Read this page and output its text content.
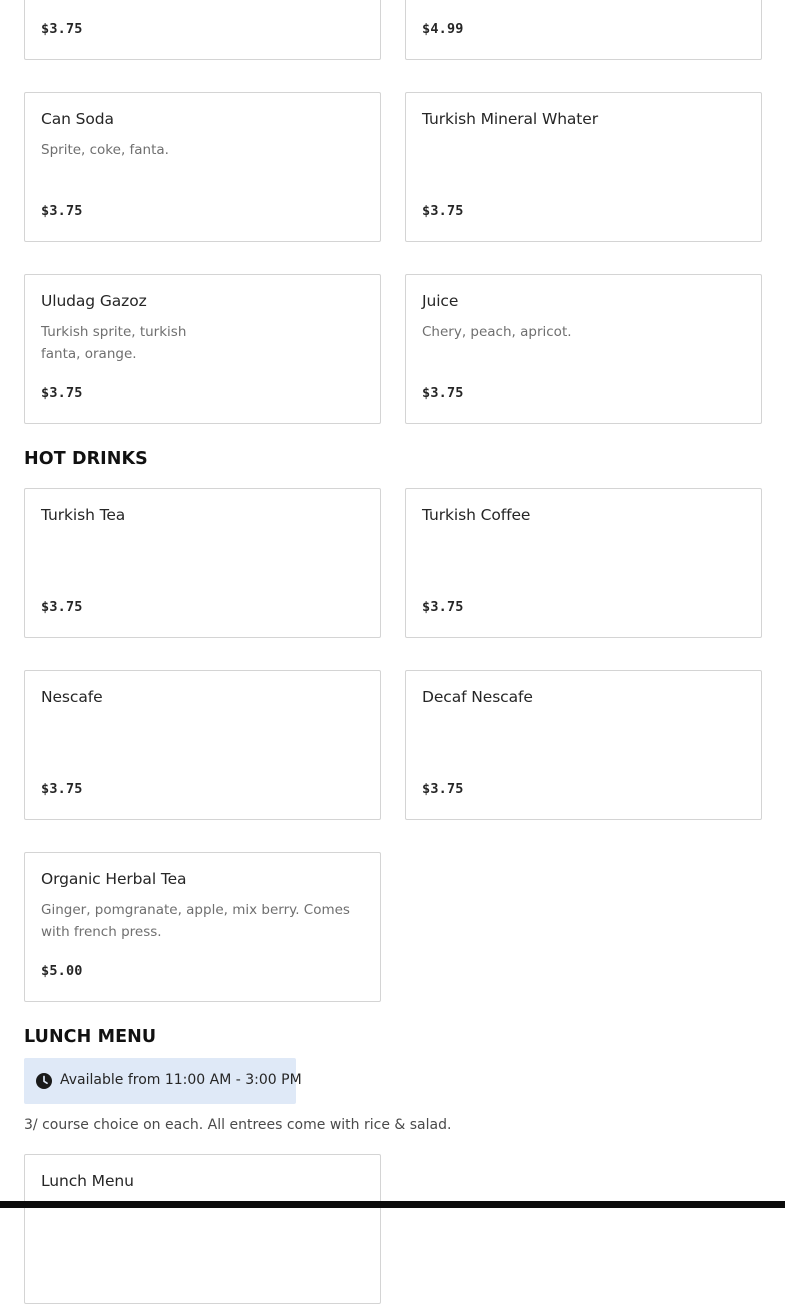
$3.75	$4.99
Can Soda
Sprite, coke, fanta.
$3.75
Turkish Mineral Whater
$3.75
Uludag Gazoz
Turkish sprite, turkish fanta, orange.
$3.75
Juice
Chery, peach, apricot.
$3.75
HOT DRINKS
Turkish Tea
$3.75
Turkish Coffee
$3.75
Nescafe
$3.75
Decaf Nescafe
$3.75
Organic Herbal Tea
Ginger, pomgranate, apple, mix berry. Comes with french press.
$5.00
LUNCH MENU
Available from 11:00 AM - 3:00 PM
3/ course choice on each. All entrees come with rice & salad.
Lunch Menu
